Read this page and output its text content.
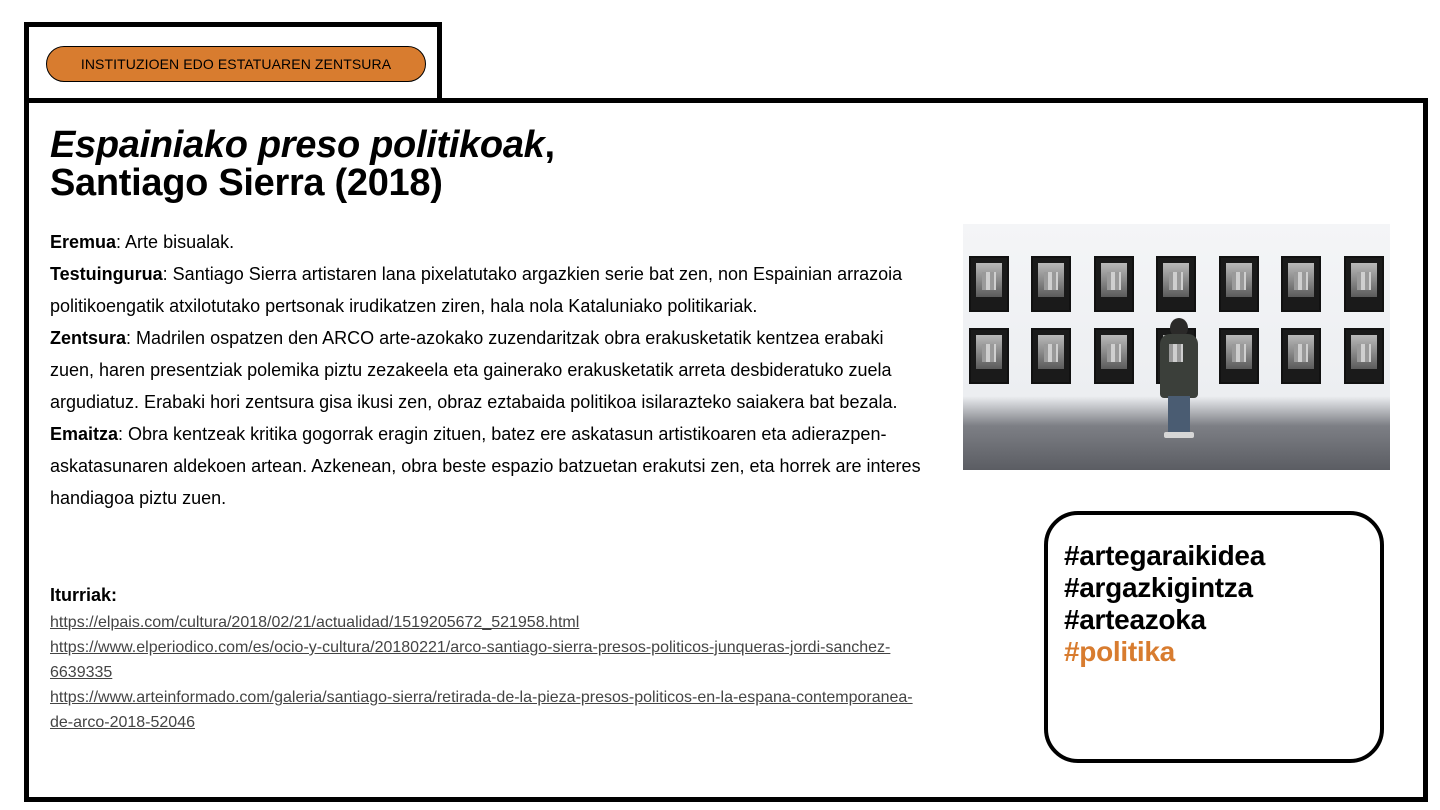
INSTITUZIOEN EDO ESTATUAREN ZENTSURA
Espainiako preso politikoak,
Santiago Sierra (2018)

Eremua: Arte bisualak.

Testuingurua: Santiago Sierra artistaren lana pixelatutako argazkien serie bat zen, non Espainian arrazoia politikoengatik atxilotutako pertsonak irudikatzen ziren, hala nola Kataluniako politikariak.

Zentsura: Madrilen ospatzen den ARCO arte-azokako zuzendaritzak obra erakusketatik kentzea erabaki zuen, haren presentziak polemika piztu zezakeela eta gainerako erakusketatik arreta desbideratuko zuela argudiatuz. Erabaki hori zentsura gisa ikusi zen, obraz eztabaida politikoa isilarazteko saiakera bat bezala.

Emaitza: Obra kentzeak kritika gogorrak eragin zituen, batez ere askatasun artistikoaren eta adierazpen-askatasunaren aldekoen artean. Azkenean, obra beste espazio batzuetan erakutsi zen, eta horrek are interes handiagoa piztu zuen.

Iturriak:
https://elpais.com/cultura/2018/02/21/actualidad/1519205672_521958.html
https://www.elperiodico.com/es/ocio-y-cultura/20180221/arco-santiago-sierra-presos-politicos-junqueras-jordi-sanchez-6639335
https://www.arteinformado.com/galeria/santiago-sierra/retirada-de-la-pieza-presos-politicos-en-la-espana-contemporanea-de-arco-2018-52046
#artegaraikidea
#argazkigintza
#arteazoka
#politika
